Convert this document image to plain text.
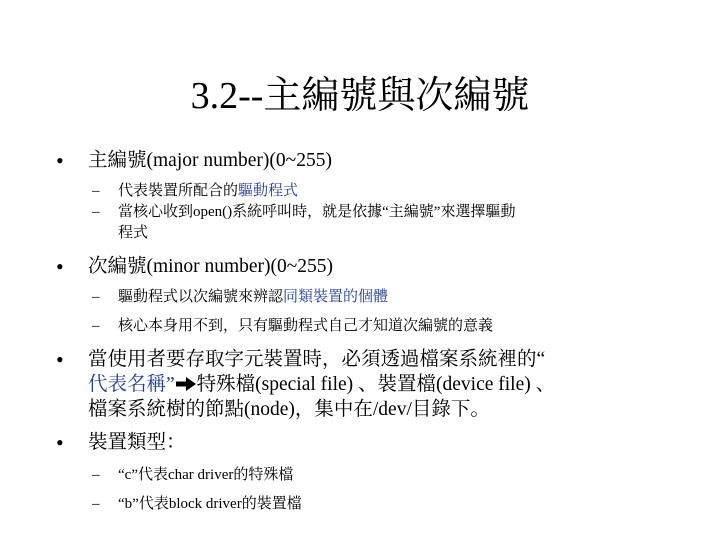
3.2--主編號與次編號
• 主編號(major number)(0~255)
– 代表裝置所配合的驅動程式
– 當核心收到open()系統呼叫時，就是依據“主編號”來選擇驅動
程式
• 次編號(minor number)(0~255)
– 驅動程式以次編號來辨認同類裝置的個體
– 核心本身用不到，只有驅動程式自己才知道次編號的意義
• 當使用者要存取字元裝置時，必須透過檔案系統裡的“
代表名稱” 特殊檔(special file) 、裝置檔(device file) 、
檔案系統樹的節點(node)，集中在/dev/目錄下。
• 裝置類型：
– “c”代表char driver的特殊檔
– “b”代表block driver的裝置檔
